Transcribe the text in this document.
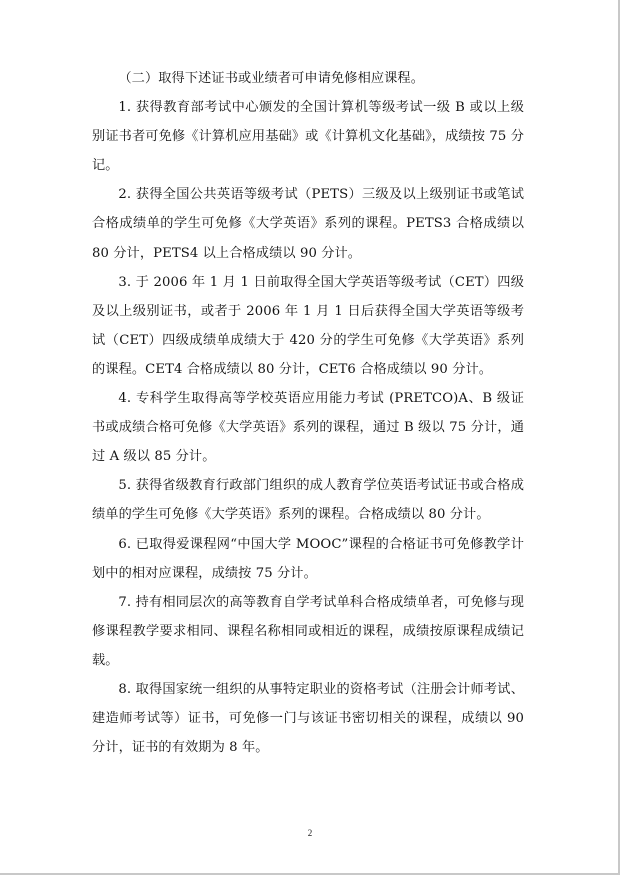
（二）取得下述证书或业绩者可申请免修相应课程。

1. 获得教育部考试中心颁发的全国计算机等级考试一级 B 或以上级别证书者可免修《计算机应用基础》或《计算机文化基础》，成绩按 75 分记。

2. 获得全国公共英语等级考试（PETS）三级及以上级别证书或笔试合格成绩单的学生可免修《大学英语》系列的课程。PETS3 合格成绩以 80 分计，PETS4 以上合格成绩以 90 分计。

3. 于 2006 年 1 月 1 日前取得全国大学英语等级考试（CET）四级及以上级别证书，或者于 2006 年 1 月 1 日后获得全国大学英语等级考试（CET）四级成绩单成绩大于 420 分的学生可免修《大学英语》系列的课程。CET4 合格成绩以 80 分计，CET6 合格成绩以 90 分计。

4. 专科学生取得高等学校英语应用能力考试 (PRETCO)A、B 级证书或成绩合格可免修《大学英语》系列的课程，通过 B 级以 75 分计，通过 A 级以 85 分计。

5. 获得省级教育行政部门组织的成人教育学位英语考试证书或合格成绩单的学生可免修《大学英语》系列的课程。合格成绩以 80 分计。

6. 已取得爱课程网“中国大学 MOOC”课程的合格证书可免修教学计划中的相对应课程，成绩按 75 分计。

7. 持有相同层次的高等教育自学考试单科合格成绩单者，可免修与现修课程教学要求相同、课程名称相同或相近的课程，成绩按原课程成绩记载。

8. 取得国家统一组织的从事特定职业的资格考试（注册会计师考试、建造师考试等）证书，可免修一门与该证书密切相关的课程，成绩以 90 分计，证书的有效期为 8 年。

2
